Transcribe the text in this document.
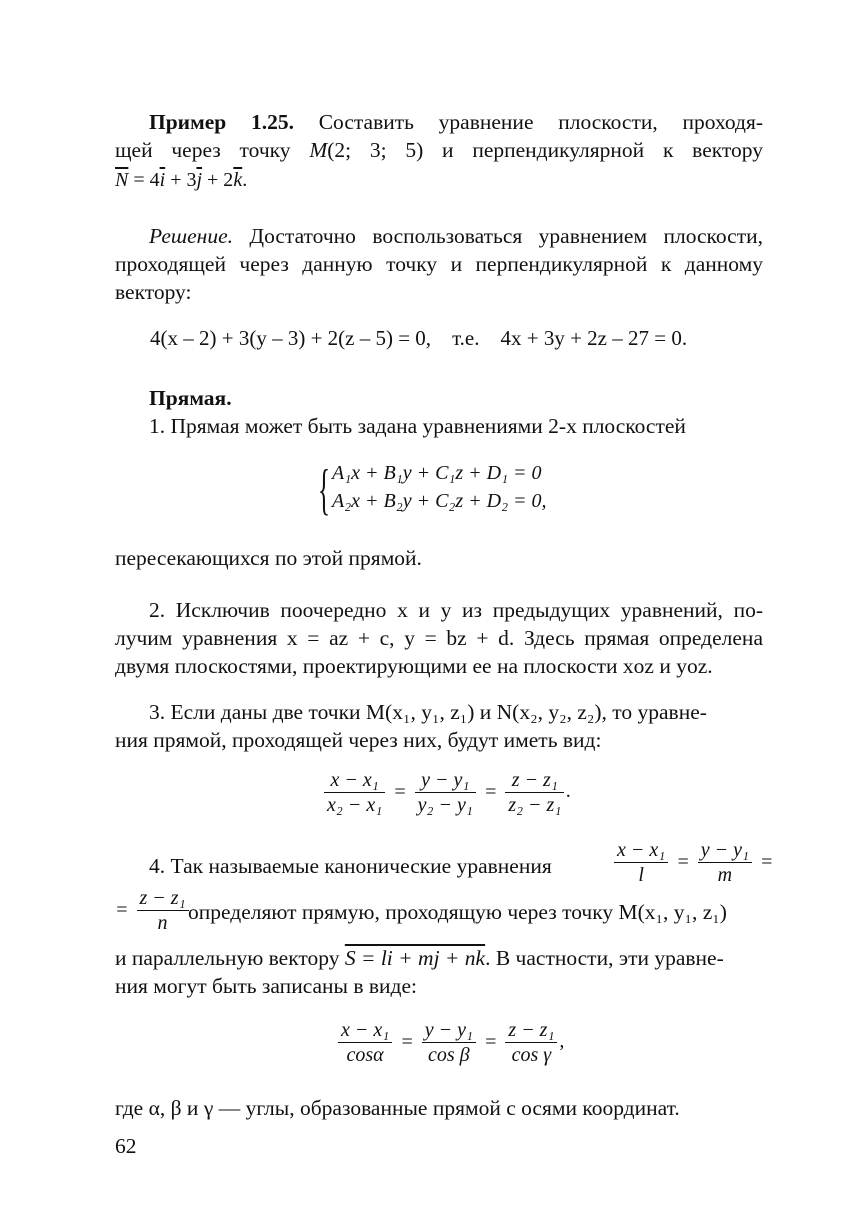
Пример 1.25. Составить уравнение плоскости, проходя-
щей через точку M(2; 3; 5) и перпендикулярной к вектору
$\overline{N} = 4\overline{i} + 3\overline{j} + 2\overline{k}$.
Решение. Достаточно воспользоваться уравнением плоскости,
проходящей через данную точку и перпендикулярной к данному
вектору:
4(x – 2) + 3(y – 3) + 2(z – 5) = 0, т.е. 4x + 3y + 2z – 27 = 0.
Прямая.
1. Прямая может быть задана уравнениями 2-х плоскостей
{ A₁x + B₁y + C₁z + D₁ = 0
A₂x + B₂y + C₂z + D₂ = 0,
пересекающихся по этой прямой.
2. Исключив поочередно x и y из предыдущих уравнений, по-
лучим уравнения x = az + c, y = bz + d. Здесь прямая определена
двумя плоскостями, проектирующими ее на плоскости xoz и yoz.
3. Если даны две точки M(x₁, y₁, z₁) и N(x₂, y₂, z₂), то уравне-
ния прямой, проходящей через них, будут иметь вид:
$\frac{\text{x − x₁}}{\text{x₂ − x₁}} = \frac{\text{y − y₁}}{\text{y₂ − y₁}} = \frac{\text{z − z₁}}{\text{z₂ − z₁}}$ .
4. Так называемые канонические уравнения	$\frac{\text{x − x₁}}{l} = \frac{\text{y − y₁}}{m}$ =
= $\frac{\text{z − z₁}}{n}$ определяют прямую, проходящую через точку M(x₁, y₁, z₁)
и параллельную вектору S = li + mj + nk. В частности, эти уравне-
ния могут быть записаны в виде:
$\frac{\text{x − x₁}}{\cos\alpha} = \frac{\text{y − y₁}}{\text{cos β}} = \frac{\text{z − z₁}}{\text{cos γ}}$ ,
где α, β и γ — углы, образованные прямой с осями координат.
62
